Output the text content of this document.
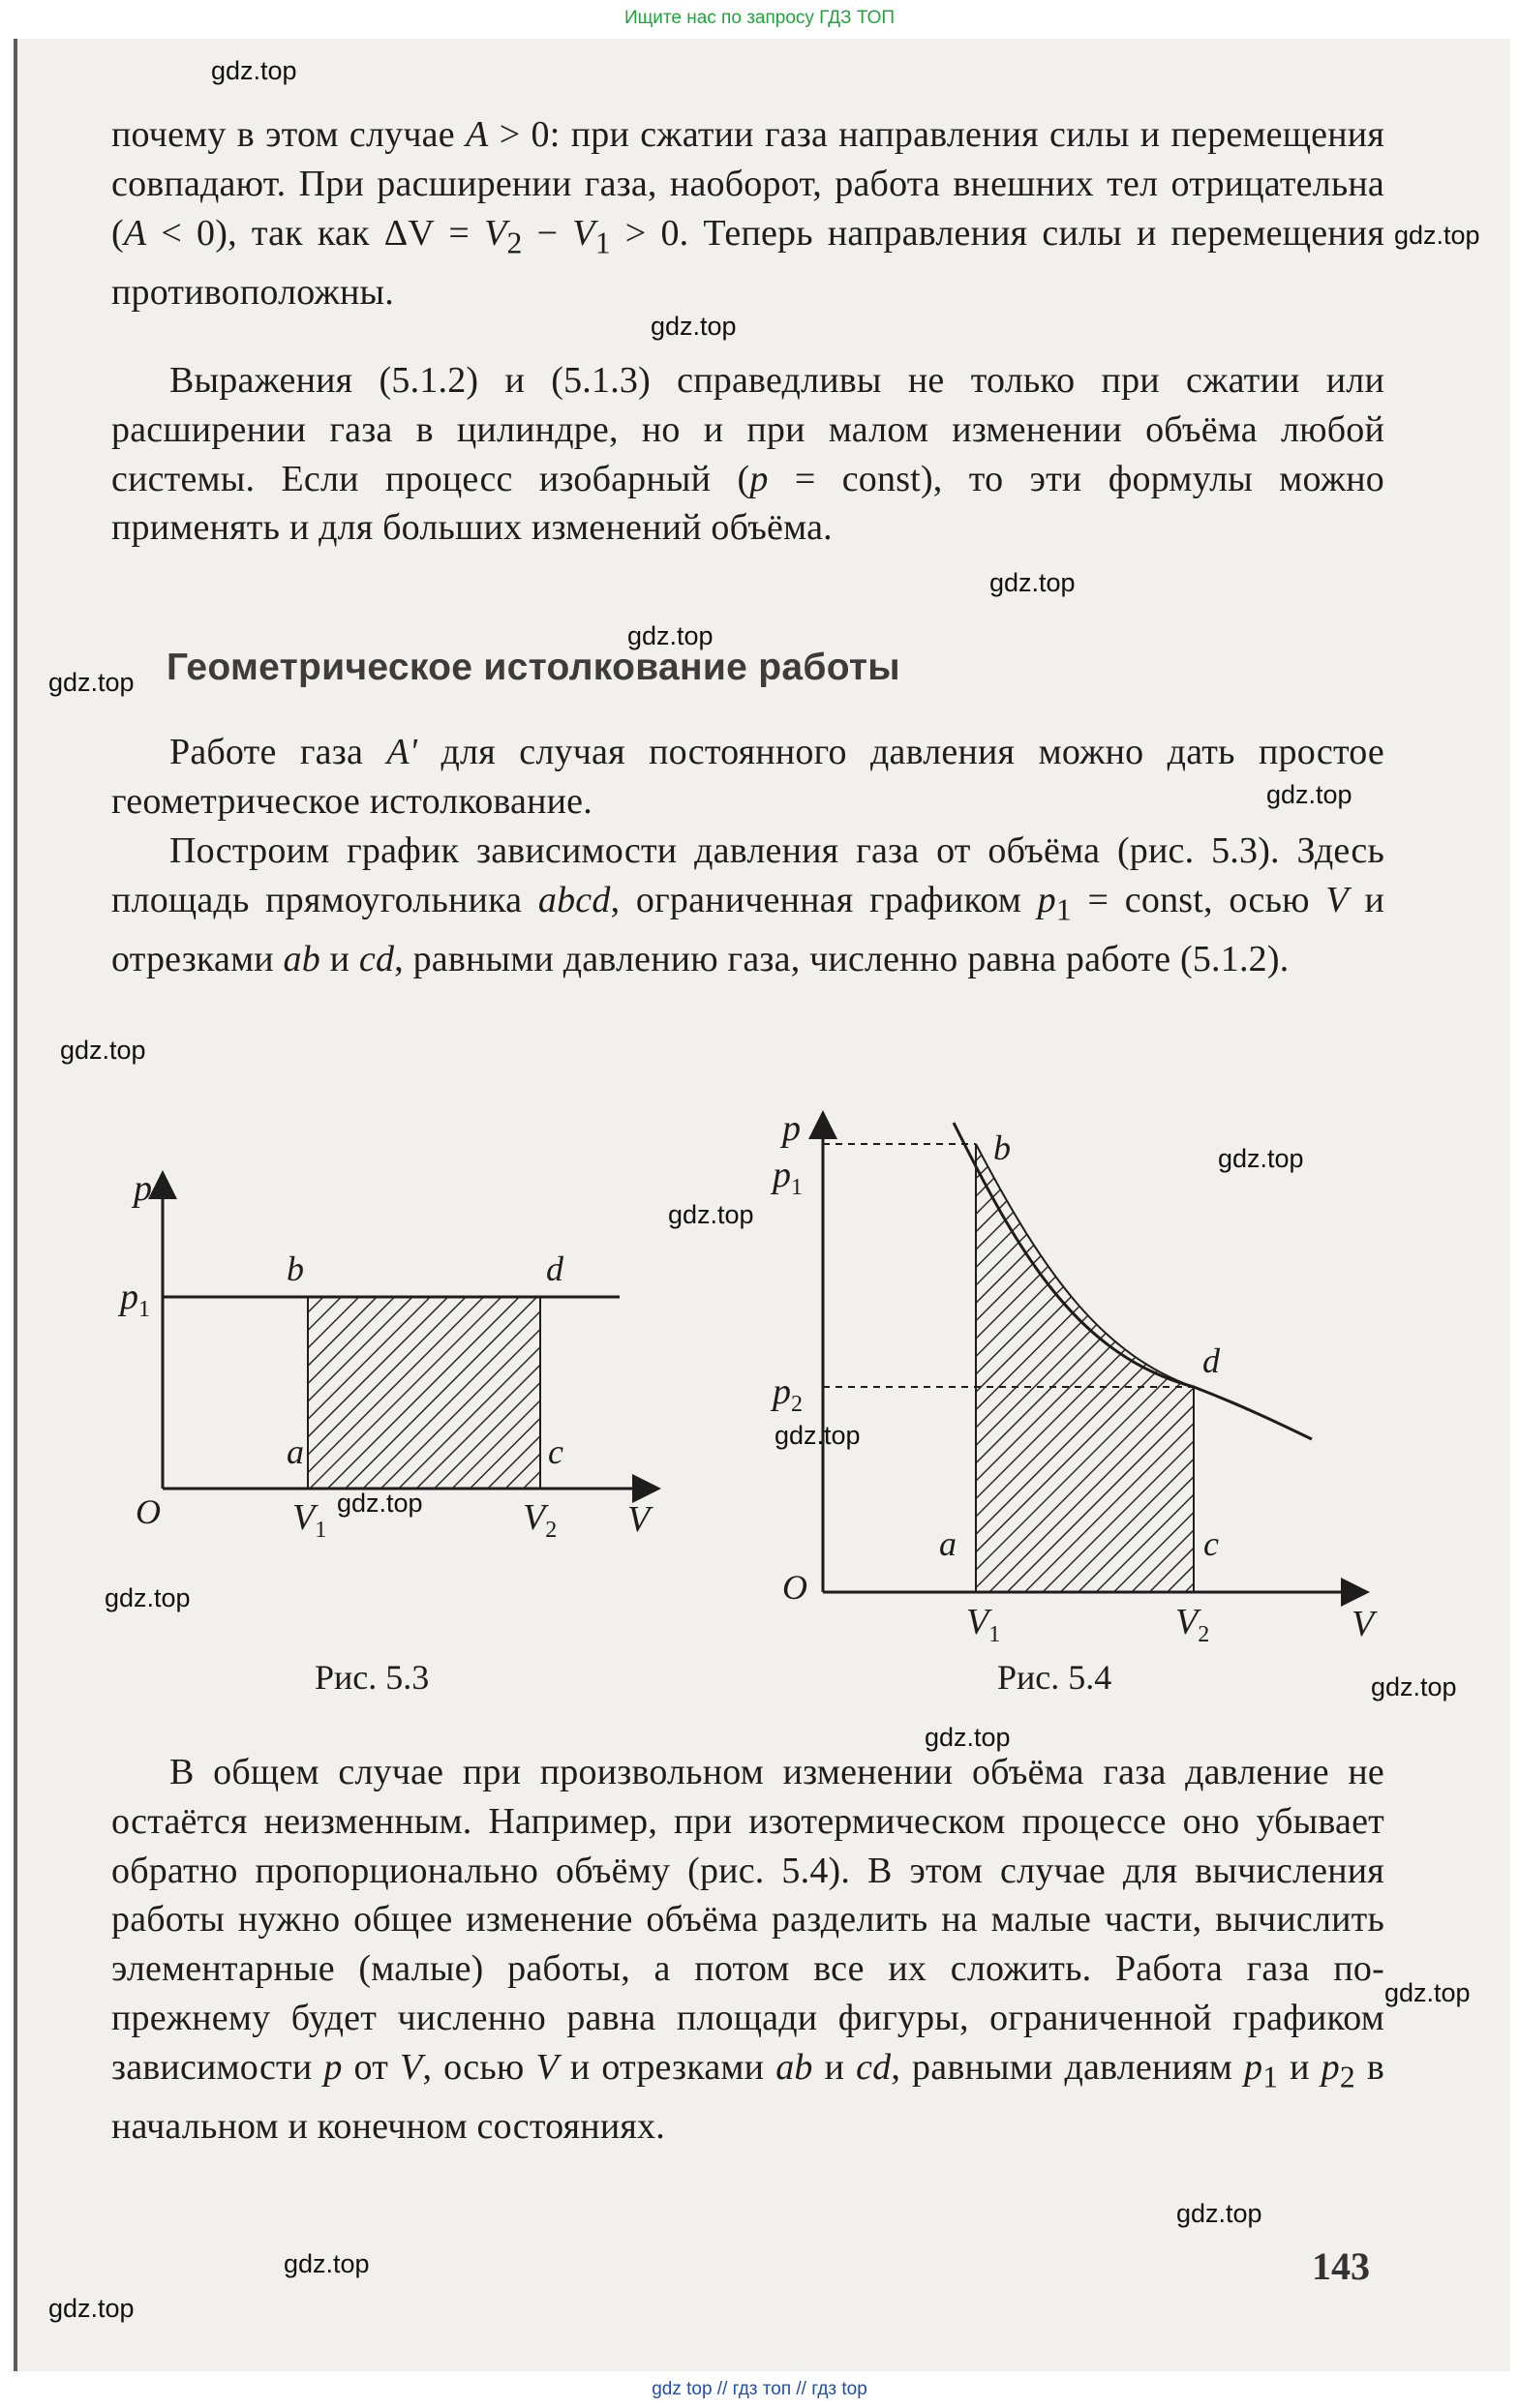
Ищите нас по запросу ГДЗ ТОП

почему в этом случае A > 0: при сжатии газа направления силы и перемещения совпадают. При расширении газа, наоборот, работа внешних тел отрицательна (A < 0), так как $\Delta V = V_2 - V_1 > 0$. Теперь направления силы и перемещения противоположны.

Выражения (5.1.2) и (5.1.3) справедливы не только при сжатии или расширении газа в цилиндре, но и при малом изменении объёма любой системы. Если процесс изобарный (p = const), то эти формулы можно применять и для больших изменений объёма.

Геометрическое истолкование работы

Работе газа A' для случая постоянного давления можно дать простое геометрическое истолкование.

Построим график зависимости давления газа от объёма (рис. 5.3). Здесь площадь прямоугольника abcd, ограниченная графиком $p_1$ = const, осью V и отрезками ab и cd, равными давлению газа, численно равна работе (5.1.2).

p
$p_1$
b	d
a	c
O	$V_1$	$V_2$ V
p
$p_1$
$p_2$
b
d
a	c
O
$V_1$	$V_2$	V
Рис. 5.3	Рис. 5.4

В общем случае при произвольном изменении объёма газа давление не остаётся неизменным. Например, при изотермическом процессе оно убывает обратно пропорционально объёму (рис. 5.4). В этом случае для вычисления работы нужно общее изменение объёма разделить на малые части, вычислить элементарные (малые) работы, а потом все их сложить. Работа газа по-прежнему будет численно равна площади фигуры, ограниченной графиком зависимости p от V, осью V и отрезками ab и cd, равными давлениям $p_1$ и $p_2$ в начальном и конечном состояниях.

143
gdz.top
gdz.top
gdz.top
gdz.top
gdz.top
gdz.top
gdz.top
gdz.top
gdz.top
gdz.top
gdz.top
gdz.top
gdz.top
gdz.top
gdz.top
gdz.top
gdz.top
gdz.top
gdz.top
gdz top // гдз топ // гдз top
